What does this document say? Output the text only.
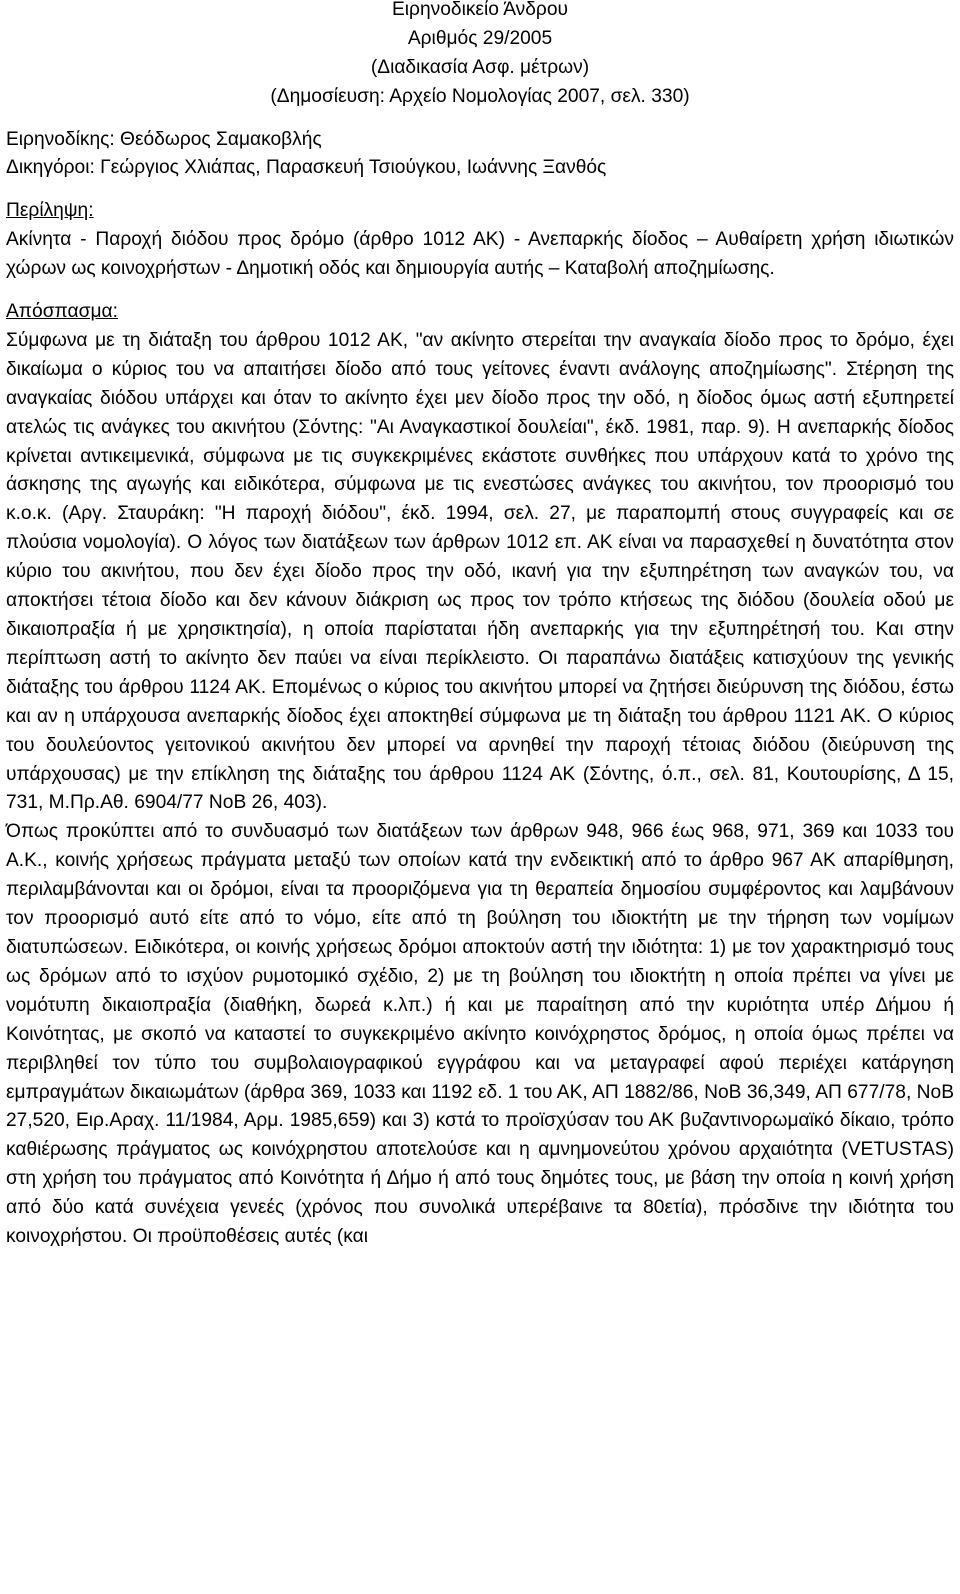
Ειρηνοδικείο Άνδρου
Αριθμός 29/2005
(Διαδικασία Ασφ. μέτρων)
(Δημοσίευση: Αρχείο Νομολογίας 2007, σελ. 330)
Ειρηνοδίκης: Θεόδωρος Σαμακοβλής
Δικηγόροι: Γεώργιος Χλιάπας, Παρασκευή Τσιούγκου, Ιωάννης Ξανθός
Περίληψη:

Ακίνητα - Παροχή διόδου προς δρόμο (άρθρο 1012 ΑΚ) - Ανεπαρκής δίοδος – Αυθαίρετη χρήση ιδιωτικών χώρων ως κοινοχρήστων - Δημοτική οδός και δημιουργία αυτής – Καταβολή αποζημίωσης.

Απόσπασμα:

Σύμφωνα με τη διάταξη του άρθρου 1012 ΑΚ, "αν ακίνητο στερείται την αναγκαία δίοδο προς το δρόμο, έχει δικαίωμα ο κύριος του να απαιτήσει δίοδο από τους γείτονες έναντι ανάλογης αποζημίωσης". Στέρηση της αναγκαίας διόδου υπάρχει και όταν το ακίνητο έχει μεν δίοδο προς την οδό, η δίοδος όμως αστή εξυπηρετεί ατελώς τις ανάγκες του ακινήτου (Σόντης: "Αι Αναγκαστικοί δουλείαι", έκδ. 1981, παρ. 9). Η ανεπαρκής δίοδος κρίνεται αντικειμενικά, σύμφωνα με τις συγκεκριμένες εκάστοτε συνθήκες που υπάρχουν κατά το χρόνο της άσκησης της αγωγής και ειδικότερα, σύμφωνα με τις ενεστώσες ανάγκες του ακινήτου, τον προορισμό του κ.ο.κ. (Αργ. Σταυράκη: "Η παροχή διόδου", έκδ. 1994, σελ. 27, με παραπομπή στους συγγραφείς και σε πλούσια νομολογία). Ο λόγος των διατάξεων των άρθρων 1012 επ. ΑΚ είναι να παρασχεθεί η δυνατότητα στον κύριο του ακινήτου, που δεν έχει δίοδο προς την οδό, ικανή για την εξυπηρέτηση των αναγκών του, να αποκτήσει τέτοια δίοδο και δεν κάνουν διάκριση ως προς τον τρόπο κτήσεως της διόδου (δουλεία οδού με δικαιοπραξία ή με χρησικτησία), η οποία παρίσταται ήδη ανεπαρκής για την εξυπηρέτησή του. Και στην περίπτωση αστή το ακίνητο δεν παύει να είναι περίκλειστο. Οι παραπάνω διατάξεις κατισχύουν της γενικής διάταξης του άρθρου 1124 ΑΚ. Επομένως ο κύριος του ακινήτου μπορεί να ζητήσει διεύρυνση της διόδου, έστω και αν η υπάρχουσα ανεπαρκής δίοδος έχει αποκτηθεί σύμφωνα με τη διάταξη του άρθρου 1121 ΑΚ. Ο κύριος του δουλεύοντος γειτονικού ακινήτου δεν μπορεί να αρνηθεί την παροχή τέτοιας διόδου (διεύρυνση της υπάρχουσας) με την επίκληση της διάταξης του άρθρου 1124 ΑΚ (Σόντης, ό.π., σελ. 81, Κουτουρίσης, Δ 15, 731, Μ.Πρ.Αθ. 6904/77 ΝοΒ 26, 403).

Όπως προκύπτει από το συνδυασμό των διατάξεων των άρθρων 948, 966 έως 968, 971, 369 και 1033 του Α.Κ., κοινής χρήσεως πράγματα μεταξύ των οποίων κατά την ενδεικτική από το άρθρο 967 ΑΚ απαρίθμηση, περιλαμβάνονται και οι δρόμοι, είναι τα προοριζόμενα για τη θεραπεία δημοσίου συμφέροντος και λαμβάνουν τον προορισμό αυτό είτε από το νόμο, είτε από τη βούληση του ιδιοκτήτη με την τήρηση των νομίμων διατυπώσεων. Ειδικότερα, οι κοινής χρήσεως δρόμοι αποκτούν αστή την ιδιότητα: 1) με τον χαρακτηρισμό τους ως δρόμων από το ισχύον ρυμοτομικό σχέδιο, 2) με τη βούληση του ιδιοκτήτη η οποία πρέπει να γίνει με νομότυπη δικαιοπραξία (διαθήκη, δωρεά κ.λπ.) ή και με παραίτηση από την κυριότητα υπέρ Δήμου ή Κοινότητας, με σκοπό να καταστεί το συγκεκριμένο ακίνητο κοινόχρηστος δρόμος, η οποία όμως πρέπει να περιβληθεί τον τύπο του συμβολαιογραφικού εγγράφου και να μεταγραφεί αφού περιέχει κατάργηση εμπραγμάτων δικαιωμάτων (άρθρα 369, 1033 και 1192 εδ. 1 του ΑΚ, ΑΠ 1882/86, ΝοΒ 36,349, ΑΠ 677/78, ΝοΒ 27,520, Ειρ.Αραχ. 11/1984, Αρμ. 1985,659) και 3) κστά το προϊσχύσαν του ΑΚ βυζαντινορωμαϊκό δίκαιο, τρόπο καθιέρωσης πράγματος ως κοινόχρηστου αποτελούσε και η αμνημονεύτου χρόνου αρχαιότητα (VETUSTAS) στη χρήση του πράγματος από Κοινότητα ή Δήμο ή από τους δημότες τους, με βάση την οποία η κοινή χρήση από δύο κατά συνέχεια γενεές (χρόνος που συνολικά υπερέβαινε τα 80ετία), πρόσδινε την ιδιότητα του κοινοχρήστου. Οι προϋποθέσεις αυτές (και
